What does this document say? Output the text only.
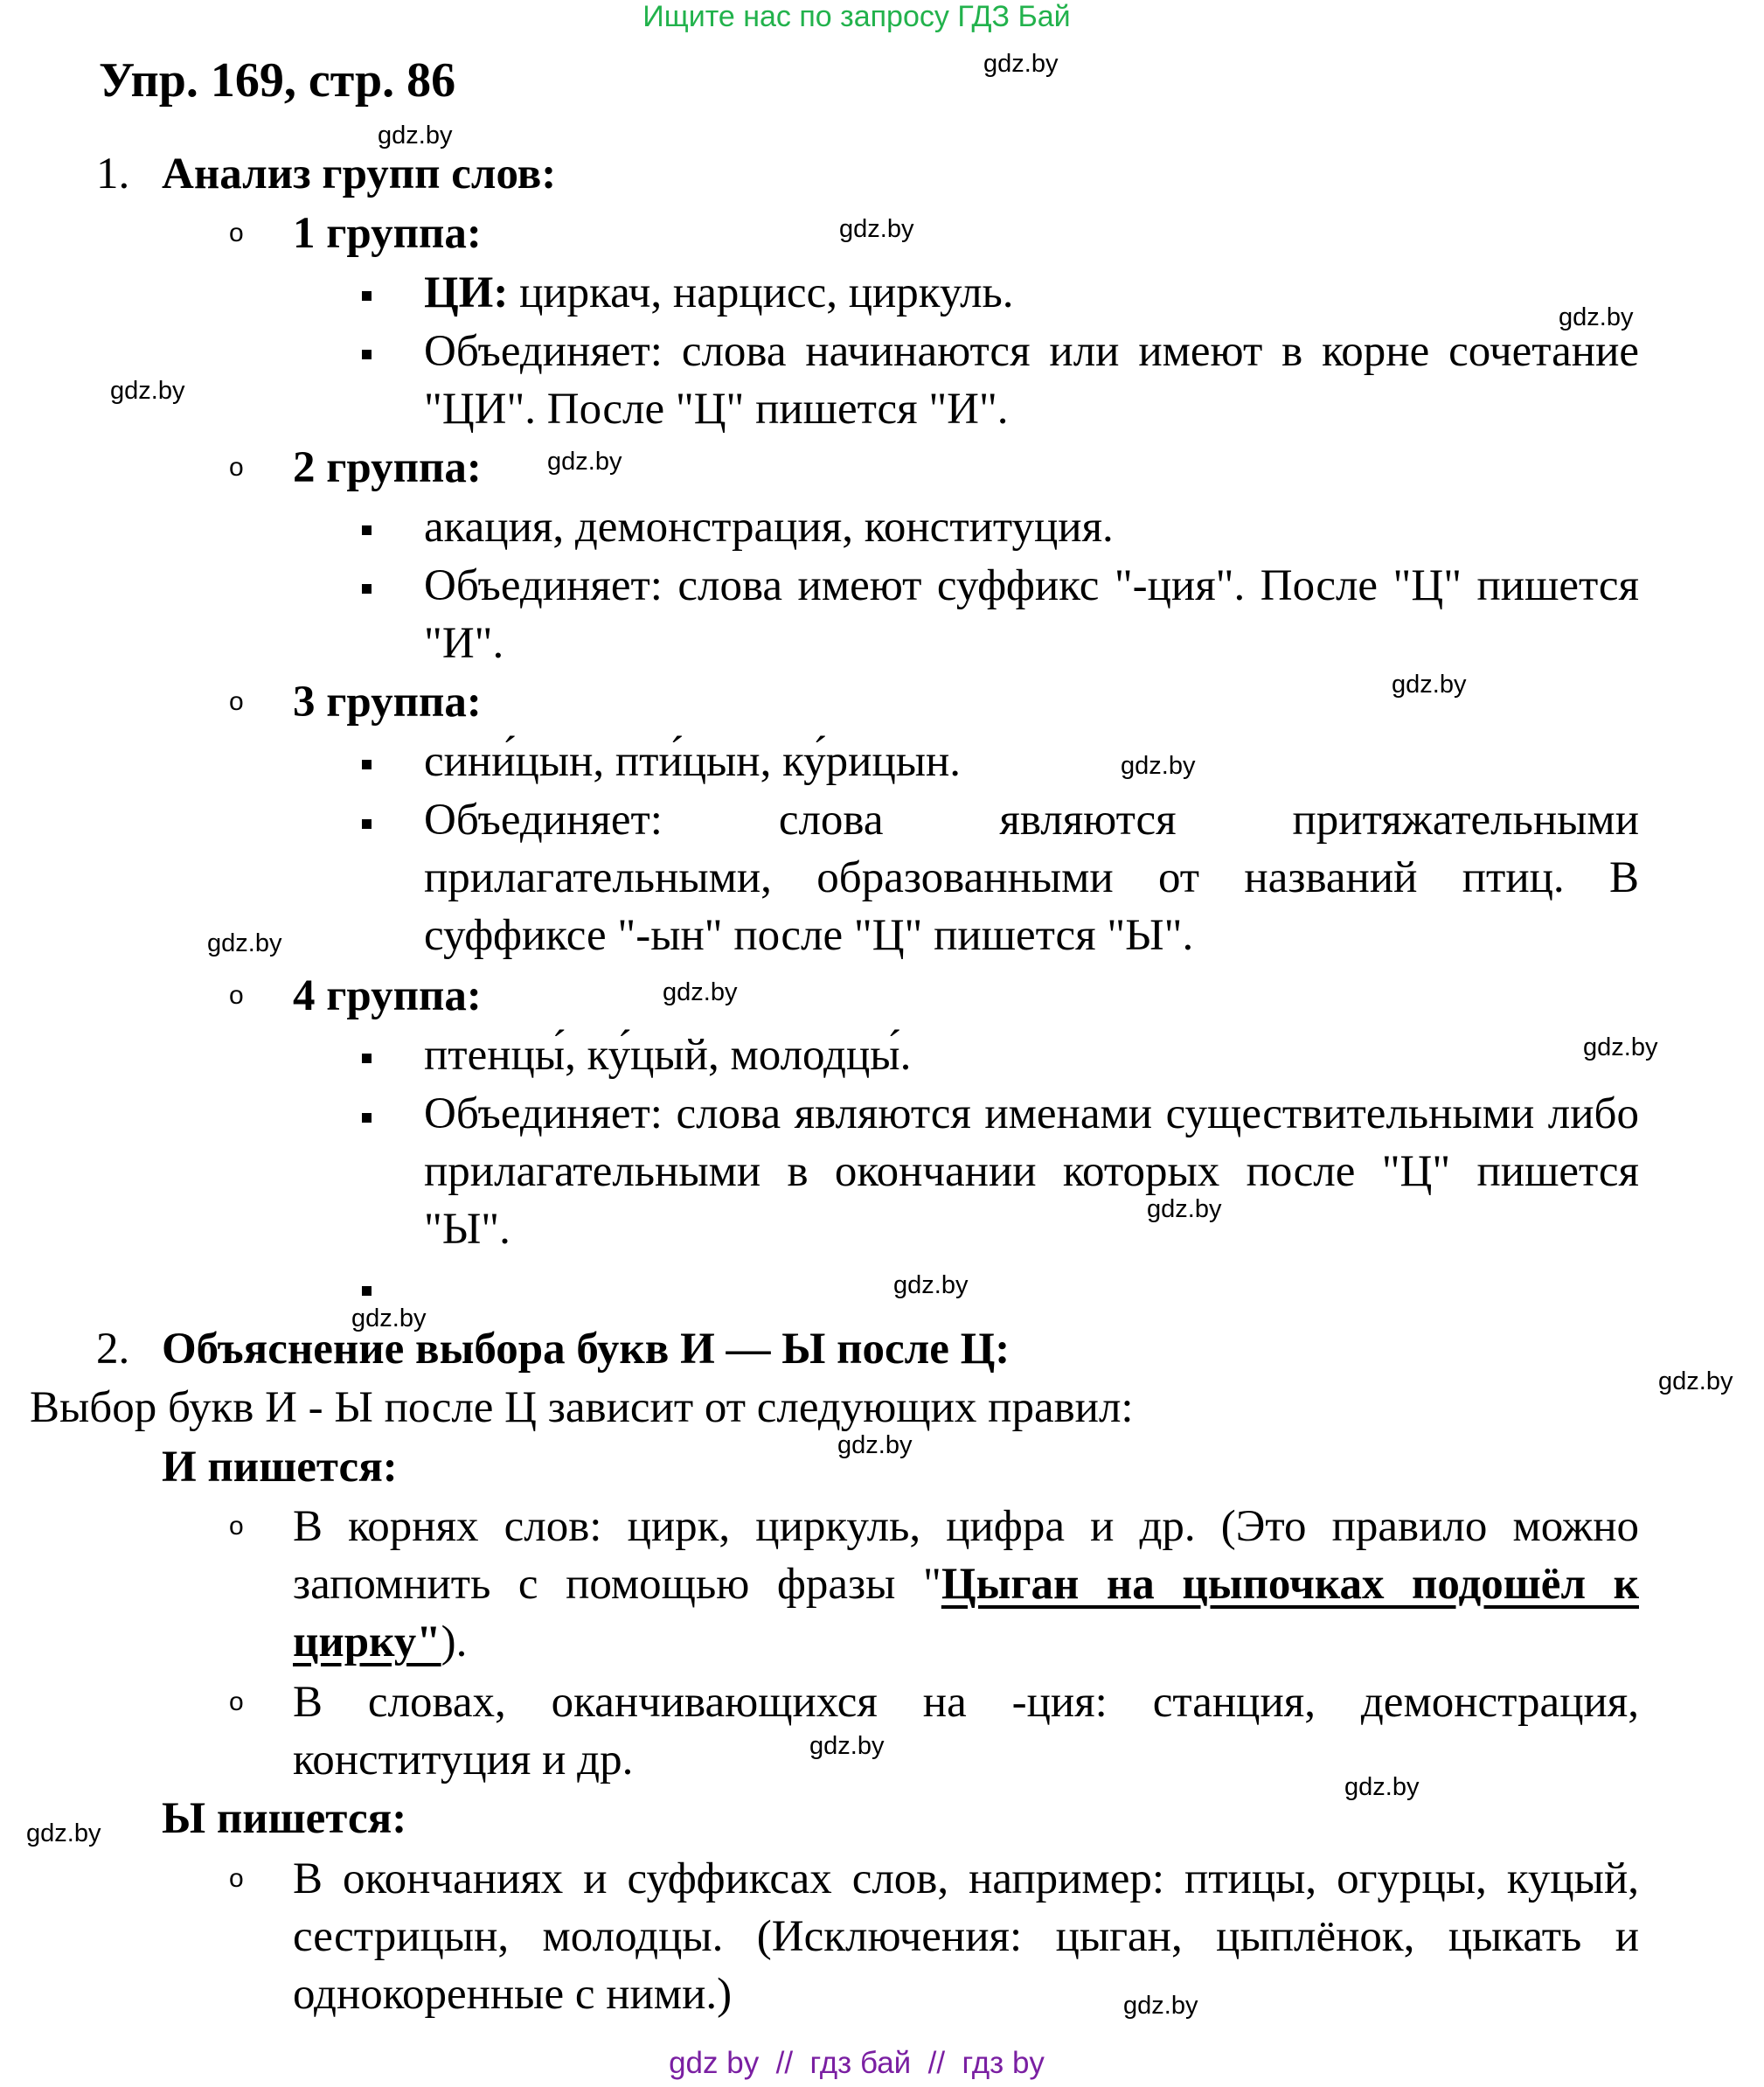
Ищите нас по запросу ГДЗ Бай
gdz.by
gdz.by
gdz.by
gdz.by
gdz.by
gdz.by
gdz.by
gdz.by
gdz.by
gdz.by
gdz.by
gdz.by
gdz.by
gdz.by
gdz.by
gdz.by
gdz.by
gdz.by
gdz.by
gdz.by
Упр. 169, стр. 86
1. Анализ групп слов:
o 1 группа:
ЦИ: циркач, нарцисс, циркуль.
Объединяет: слова начинаются или имеют в корне сочетание "ЦИ". После "Ц" пишется "И".
o 2 группа:
акация, демонстрация, конституция.
Объединяет: слова имеют суффикс "-ция". После "Ц" пишется "И".
o 3 группа:
сини́цын, пти́цын, ку́рицын.
Объединяет: слова являются притяжательными прилагательными, образованными от названий птиц. В суффиксе "-ын" после "Ц" пишется "Ы".
o 4 группа:
птенцы́, ку́цый, молодцы́.
Объединяет: слова являются именами существительными либо прилагательными в окончании которых после "Ц" пишется "Ы".
2. Объяснение выбора букв И — Ы после Ц:
Выбор букв И - Ы после Ц зависит от следующих правил:
И пишется:
o В корнях слов: цирк, циркуль, цифра и др. (Это правило можно запомнить с помощью фразы "Цыган на цыпочках подошёл к цирку").
o В словах, оканчивающихся на -ция: станция, демонстрация, конституция и др.
Ы пишется:
o В окончаниях и суффиксах слов, например: птицы, огурцы, куцый, сестрицын, молодцы. (Исключения: цыган, цыплёнок, цыкать и однокоренные с ними.)
gdz by  //  гдз бай  //  гдз by
